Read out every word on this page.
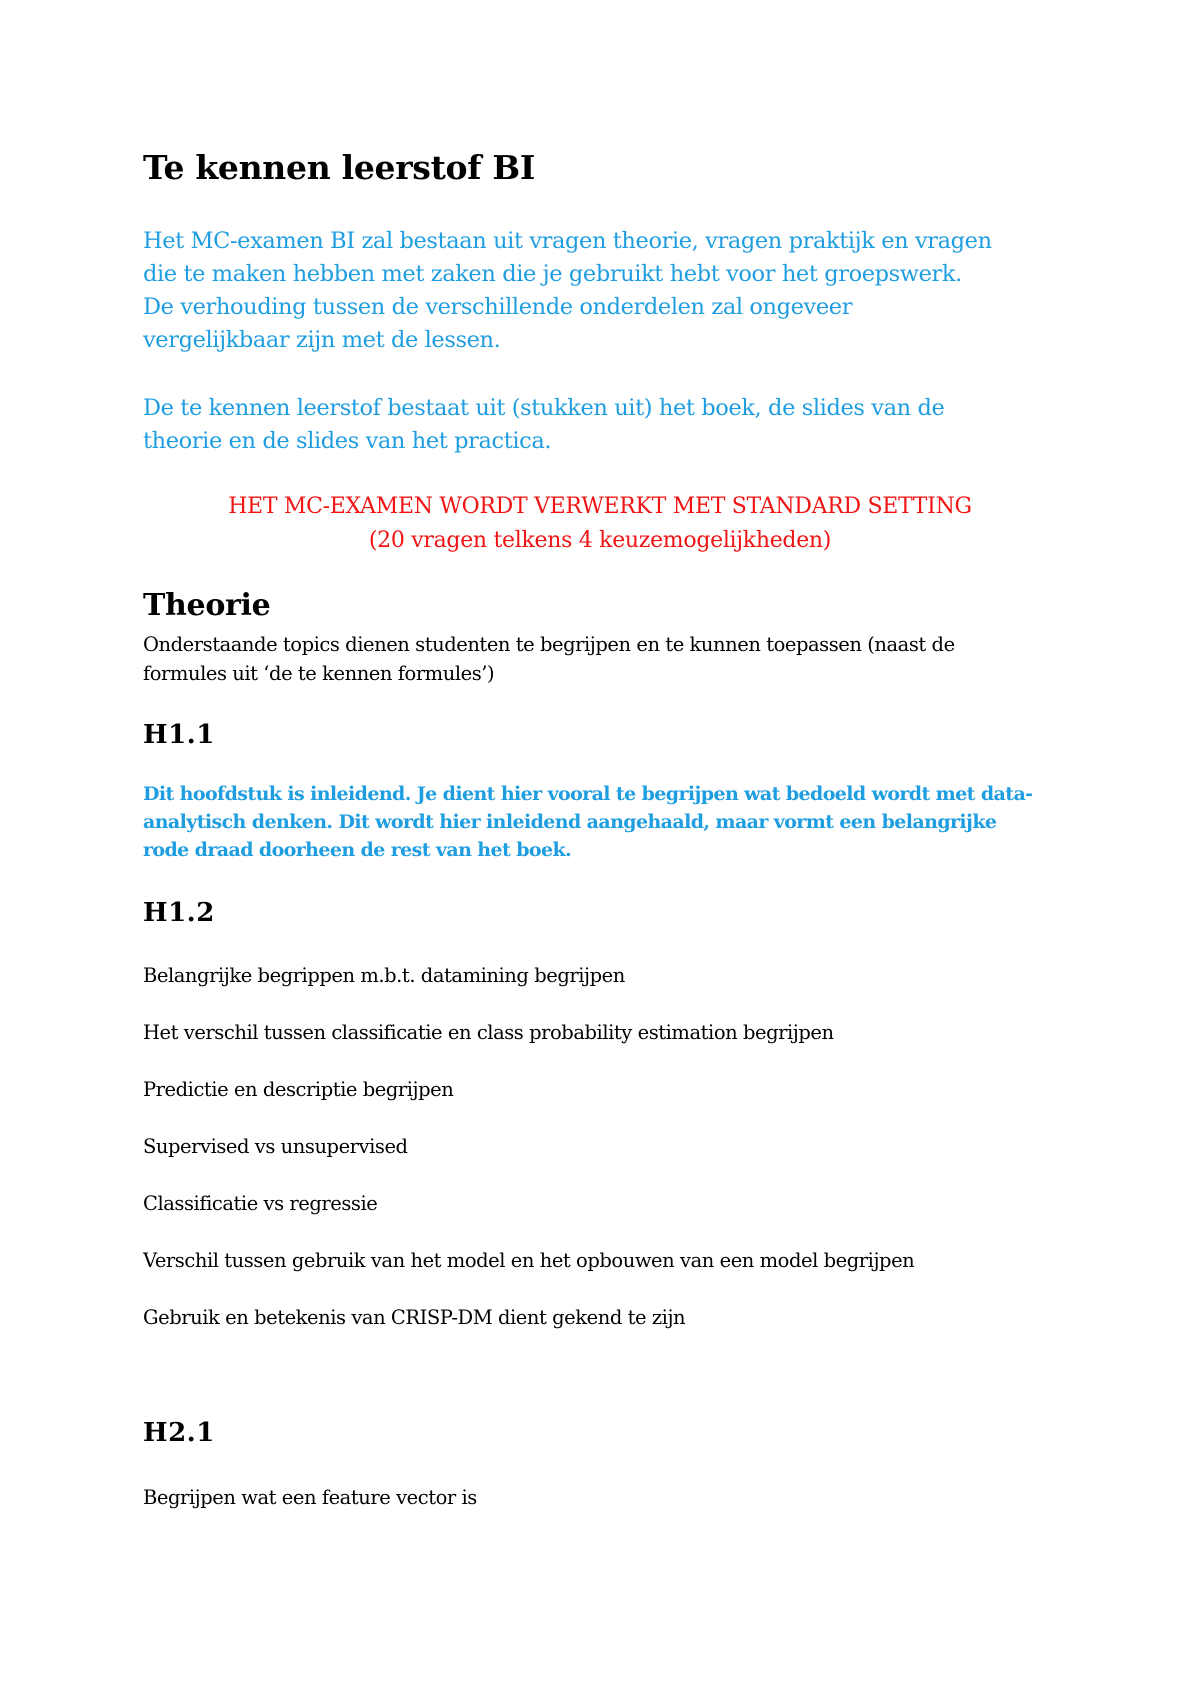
Te kennen leerstof BI
Het MC-examen BI zal bestaan uit vragen theorie, vragen praktijk en vragen
die te maken hebben met zaken die je gebruikt hebt voor het groepswerk.
De verhouding tussen de verschillende onderdelen zal ongeveer
vergelijkbaar zijn met de lessen.
De te kennen leerstof bestaat uit (stukken uit) het boek, de slides van de
theorie en de slides van het practica.
HET MC-EXAMEN WORDT VERWERKT MET STANDARD SETTING
(20 vragen telkens 4 keuzemogelijkheden)
Theorie
Onderstaande topics dienen studenten te begrijpen en te kunnen toepassen (naast de
formules uit ‘de te kennen formules’)
H1.1
Dit hoofdstuk is inleidend. Je dient hier vooral te begrijpen wat bedoeld wordt met data-
analytisch denken. Dit wordt hier inleidend aangehaald, maar vormt een belangrijke
rode draad doorheen de rest van het boek.
H1.2

Belangrijke begrippen m.b.t. datamining begrijpen

Het verschil tussen classificatie en class probability estimation begrijpen

Predictie en descriptie begrijpen

Supervised vs unsupervised

Classificatie vs regressie

Verschil tussen gebruik van het model en het opbouwen van een model begrijpen

Gebruik en betekenis van CRISP-DM dient gekend te zijn

H2.1

Begrijpen wat een feature vector is
